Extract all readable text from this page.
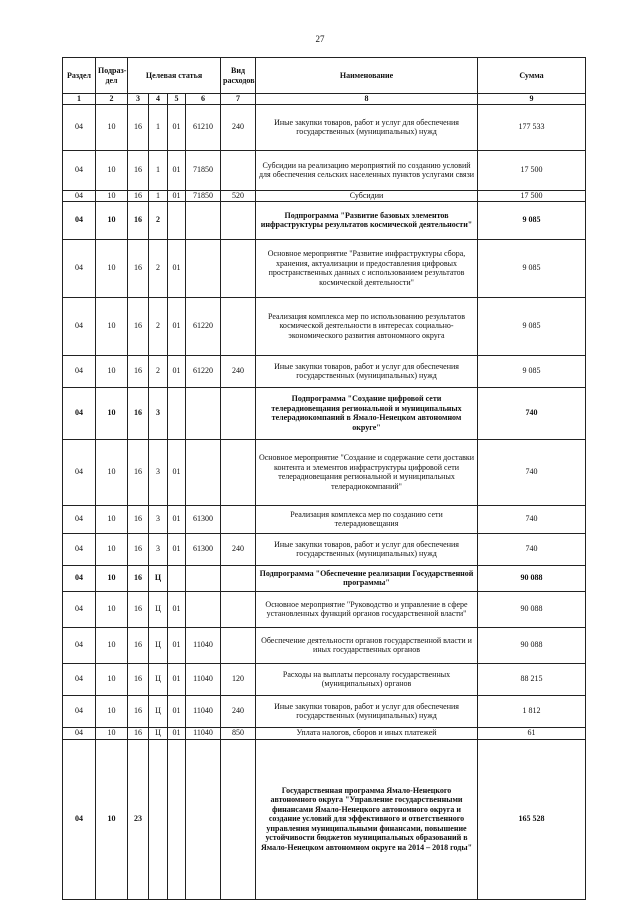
27
Раздел	Подраз-дел	Целевая статья				Вид расходов	Наименование	Сумма
1	2	3	4	5	6	7	8	9
04	10	16	1	01	61210	240	Иные закупки товаров, работ и услуг для обеспечения государственных (муниципальных) нужд	177 533
04	10	16	1	01	71850		Субсидии на реализацию мероприятий по созданию условий для обеспечения сельских населенных пунктов услугами связи	17 500
04	10	16	1	01	71850	520	Субсидии	17 500
04	10	16	2				Подпрограмма "Развитие базовых элементов инфраструктуры результатов космической деятельности"	9 085
04	10	16	2	01			Основное мероприятие "Развитие инфраструктуры сбора, хранения, актуализации и предоставления цифровых пространственных данных с использованием результатов космической деятельности"	9 085
04	10	16	2	01	61220		Реализация комплекса мер по использованию результатов космической деятельности в интересах социально-экономического развития автономного округа	9 085
04	10	16	2	01	61220	240	Иные закупки товаров, работ и услуг для обеспечения государственных (муниципальных) нужд	9 085
04	10	16	3				Подпрограмма "Создание цифровой сети телерадиовещания региональной и муниципальных телерадиокомпаний в Ямало-Ненецком автономном округе"	740
04	10	16	3	01			Основное мероприятие "Создание и содержание сети доставки контента и элементов инфраструктуры цифровой сети телерадиовещания региональной и муниципальных телерадиокомпаний"	740
04	10	16	3	01	61300		Реализация комплекса мер по созданию сети телерадиовещания	740
04	10	16	3	01	61300	240	Иные закупки товаров, работ и услуг для обеспечения государственных (муниципальных) нужд	740
04	10	16	Ц				Подпрограмма "Обеспечение реализации Государственной программы"	90 088
04	10	16	Ц	01			Основное мероприятие "Руководство и управление в сфере установленных функций органов государственной власти"	90 088
04	10	16	Ц	01	11040		Обеспечение деятельности органов государственной власти и иных государственных органов	90 088
04	10	16	Ц	01	11040	120	Расходы на выплаты персоналу государственных (муниципальных) органов	88 215
04	10	16	Ц	01	11040	240	Иные закупки товаров, работ и услуг для обеспечения государственных (муниципальных) нужд	1 812
04	10	16	Ц	01	11040	850	Уплата налогов, сборов и иных платежей	61
04	10	23					Государственная программа Ямало-Ненецкого автономного округа "Управление государственными финансами Ямало-Ненецкого автономного округа и создание условий для эффективного и ответственного управления муниципальными финансами, повышение устойчивости бюджетов муниципальных образований в Ямало-Ненецком автономном округе на 2014 – 2018 годы"	165 528
